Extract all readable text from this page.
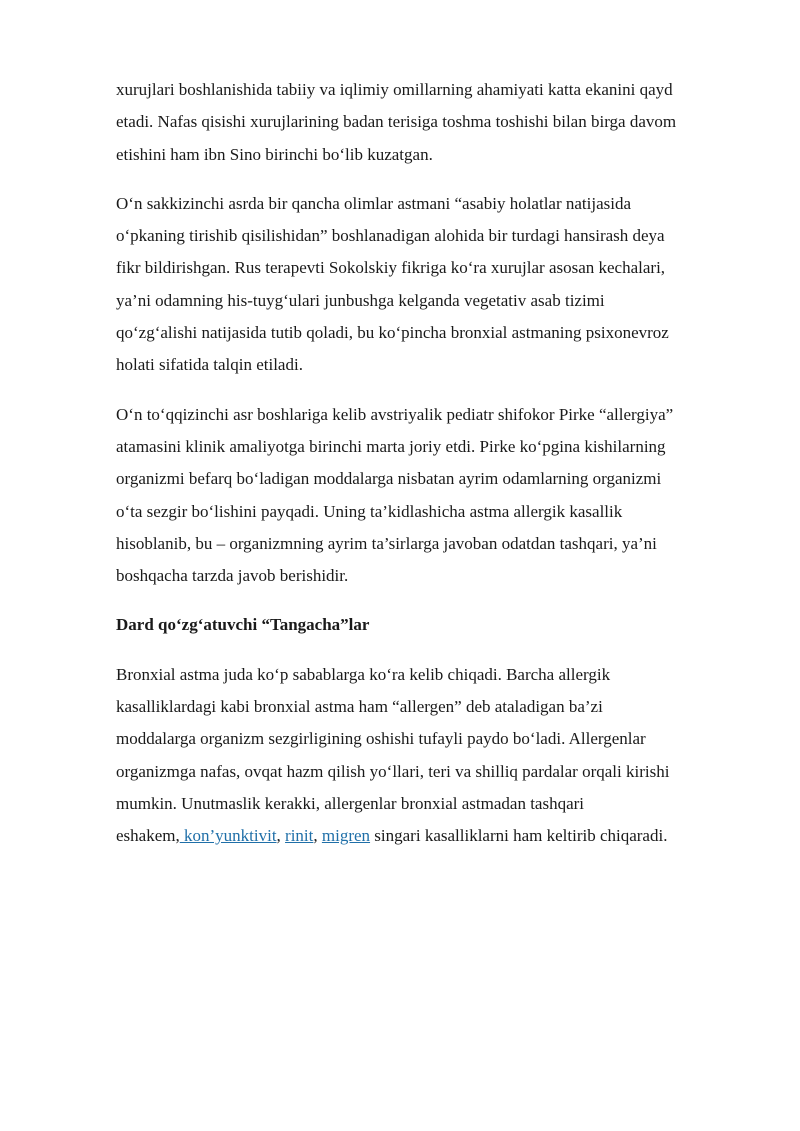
xurujlari boshlanishida tabiiy va iqlimiy omillarning ahamiyati katta ekanini qayd
etadi. Nafas qisishi xurujlarining badan terisiga toshma toshishi bilan birga davom
etishini ham ibn Sino birinchi bo‘lib kuzatgan.
O‘n sakkizinchi asrda bir qancha olimlar astmani “asabiy holatlar natijasida
o‘pkaning tirishib qisilishidan” boshlanadigan alohida bir turdagi hansirash deya
fikr bildirishgan. Rus terapevti Sokolskiy fikriga ko‘ra xurujlar asosan kechalari,
ya’ni odamning his-tuyg‘ulari junbushga kelganda vegetativ asab tizimi
qo‘zg‘alishi natijasida tutib qoladi, bu ko‘pincha bronxial astmaning psixonevroz
holati sifatida talqin etiladi.
O‘n to‘qqizinchi asr boshlariga kelib avstriyalik pediatr shifokor Pirke “allergiya”
atamasini klinik amaliyotga birinchi marta joriy etdi. Pirke ko‘pgina kishilarning
organizmi befarq bo‘ladigan moddalarga nisbatan ayrim odamlarning organizmi
o‘ta sezgir bo‘lishini payqadi. Uning ta’kidlashicha astma allergik kasallik
hisoblanib, bu – organizmning ayrim ta’sirlarga javoban odatdan tashqari, ya’ni
boshqacha tarzda javob berishidir.
Dard qo‘zg‘atuvchi “Tangacha”lar
Bronxial astma juda ko‘p sabablarga ko‘ra kelib chiqadi. Barcha allergik
kasalliklardagi kabi bronxial astma ham “allergen” deb ataladigan ba’zi
moddalarga organizm sezgirligining oshishi tufayli paydo bo‘ladi. Allergenlar
organizmga nafas, ovqat hazm qilish yo‘llari, teri va shilliq pardalar orqali kirishi
mumkin. Unutmaslik kerakki, allergenlar bronxial astmadan tashqari
eshakem, kon’yunktivit, rinit, migren singari kasalliklarni ham keltirib chiqaradi.
